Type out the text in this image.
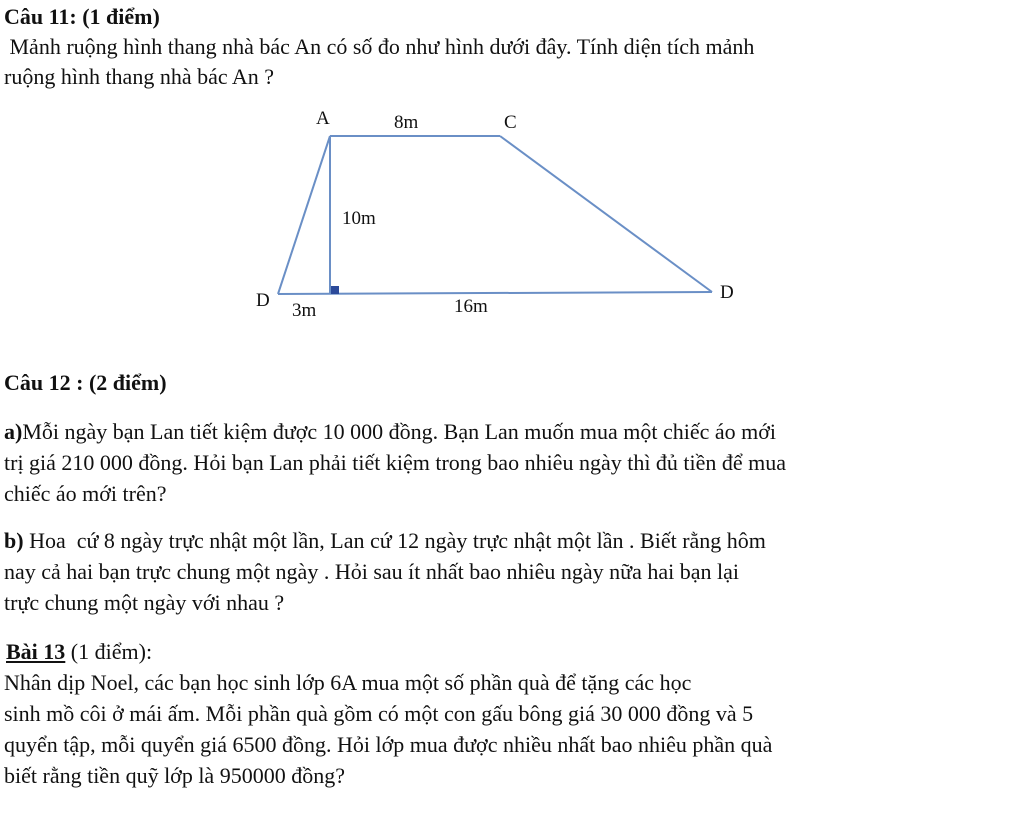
Câu 11: (1 điểm)
Mảnh ruộng hình thang nhà bác An có số đo như hình dưới đây. Tính diện tích mảnh
ruộng hình thang nhà bác An ?
A	8m	C
10m
D	D
3m	16m
Câu 12 : (2 điểm)
a)Mỗi ngày bạn Lan tiết kiệm được 10 000 đồng. Bạn Lan muốn mua một chiếc áo mới
trị giá 210 000 đồng. Hỏi bạn Lan phải tiết kiệm trong bao nhiêu ngày thì đủ tiền để mua
chiếc áo mới trên?
b) Hoa  cứ 8 ngày trực nhật một lần, Lan cứ 12 ngày trực nhật một lần . Biết rằng hôm
nay cả hai bạn trực chung một ngày . Hỏi sau ít nhất bao nhiêu ngày nữa hai bạn lại
trực chung một ngày với nhau ?
Bài 13 (1 điểm):
Nhân dịp Noel, các bạn học sinh lớp 6A mua một số phần quà để tặng các học
sinh mồ côi ở mái ấm. Mỗi phần quà gồm có một con gấu bông giá 30 000 đồng và 5
quyển tập, mỗi quyển giá 6500 đồng. Hỏi lớp mua được nhiều nhất bao nhiêu phần quà
biết rằng tiền quỹ lớp là 950000 đồng?
